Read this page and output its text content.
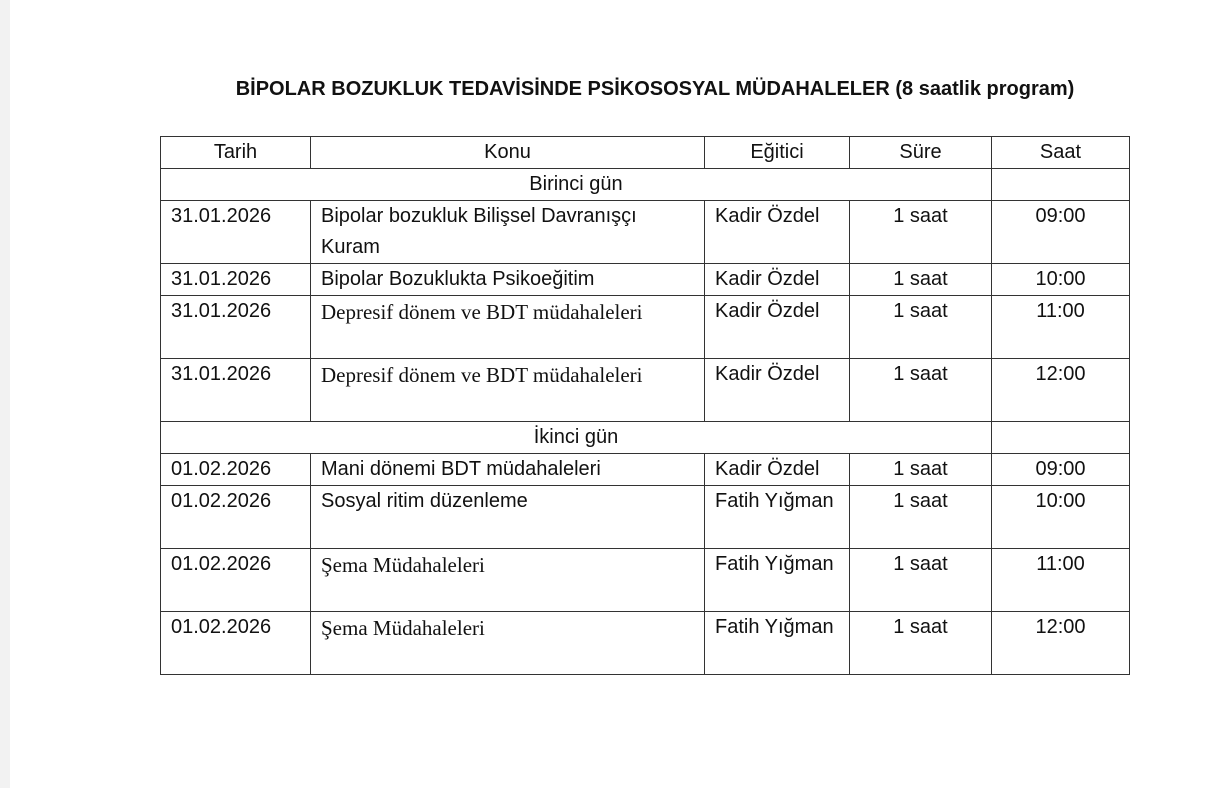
BİPOLAR BOZUKLUK TEDAVİSİNDE PSİKOSOSYAL MÜDAHALELER (8 saatlik program)
Tarih	Konu	Eğitici	Süre	Saat
Birinci gün				
31.01.2026	Bipolar bozukluk Bilişsel Davranışçı Kuram	Kadir Özdel	1 saat	09:00
31.01.2026	Bipolar Bozuklukta Psikoeğitim	Kadir Özdel	1 saat	10:00
31.01.2026	Depresif dönem ve BDT müdahaleleri	Kadir Özdel	1 saat	11:00
31.01.2026	Depresif dönem ve BDT müdahaleleri	Kadir Özdel	1 saat	12:00
İkinci gün				
01.02.2026	Mani dönemi BDT müdahaleleri	Kadir Özdel	1 saat	09:00
01.02.2026	Sosyal ritim düzenleme	Fatih Yığman	1 saat	10:00
01.02.2026	Şema Müdahaleleri	Fatih Yığman	1 saat	11:00
01.02.2026	Şema Müdahaleleri	Fatih Yığman	1 saat	12:00
